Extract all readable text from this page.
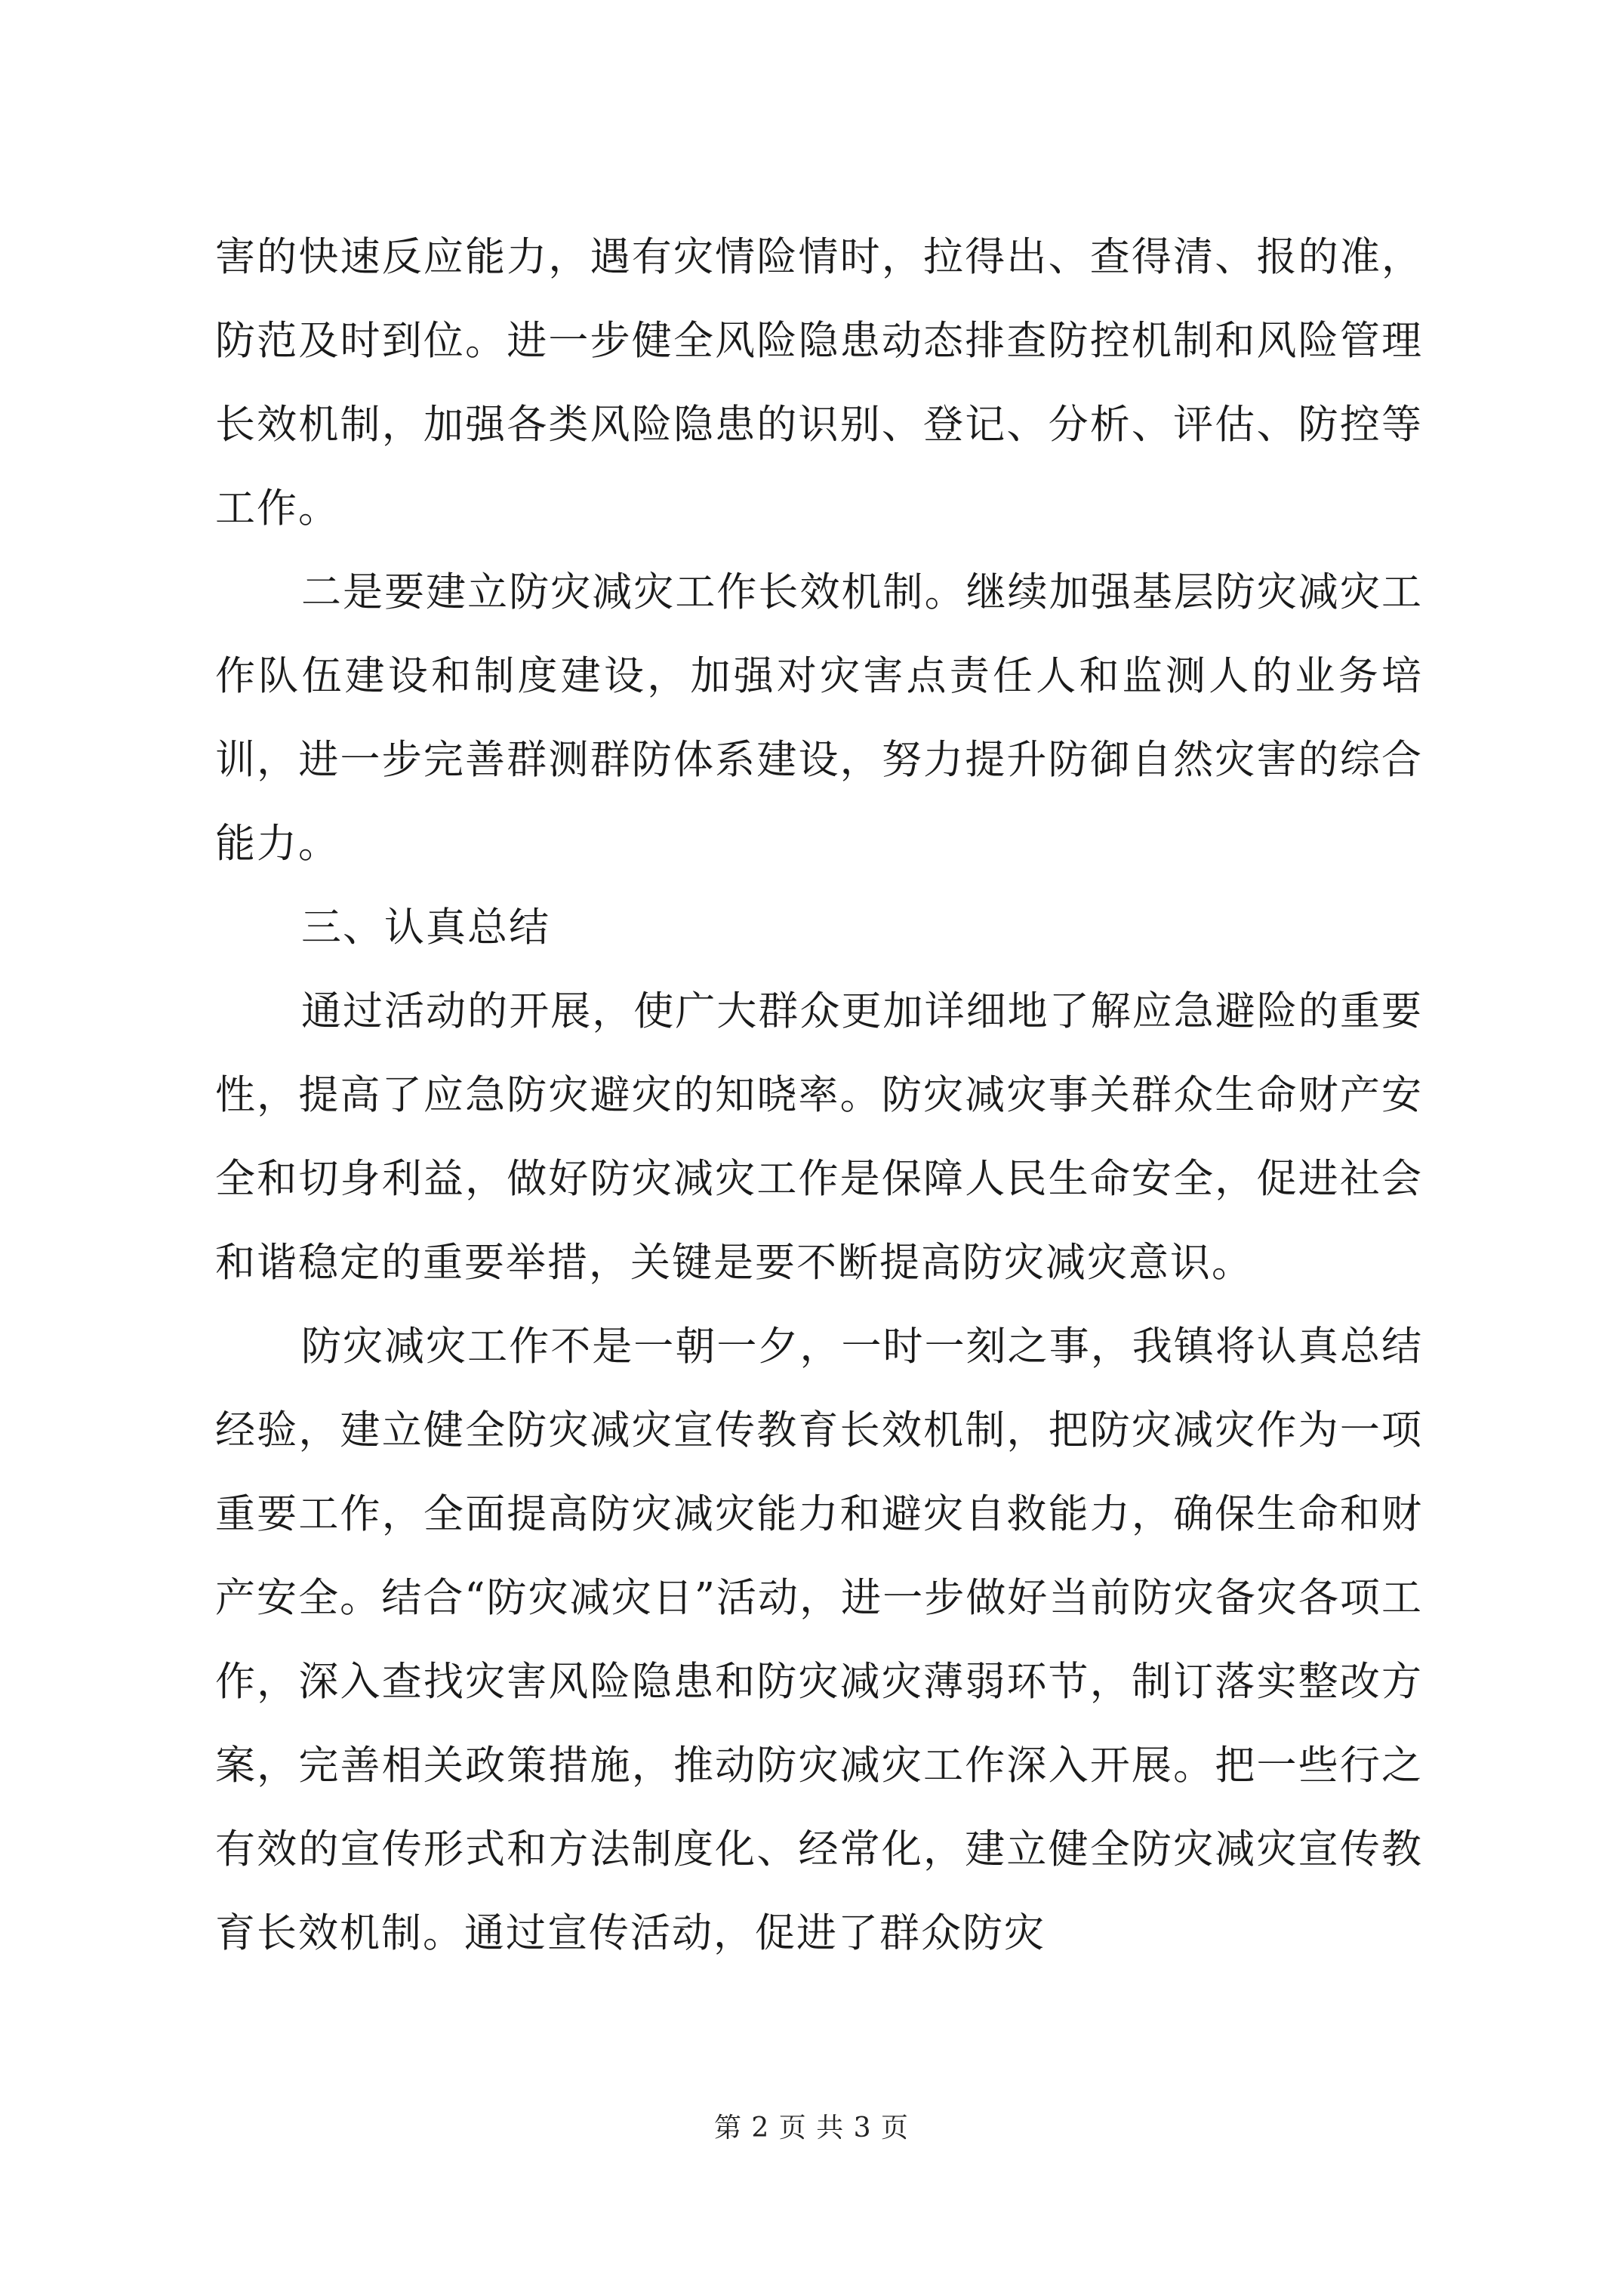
害的快速反应能力，遇有灾情险情时，拉得出、查得清、报的准，防范及时到位。进一步健全风险隐患动态排查防控机制和风险管理长效机制，加强各类风险隐患的识别、登记、分析、评估、防控等工作。

二是要建立防灾减灾工作长效机制。继续加强基层防灾减灾工作队伍建设和制度建设，加强对灾害点责任人和监测人的业务培训，进一步完善群测群防体系建设，努力提升防御自然灾害的综合能力。

三、认真总结

通过活动的开展，使广大群众更加详细地了解应急避险的重要性，提高了应急防灾避灾的知晓率。防灾减灾事关群众生命财产安全和切身利益，做好防灾减灾工作是保障人民生命安全，促进社会和谐稳定的重要举措，关键是要不断提高防灾减灾意识。

防灾减灾工作不是一朝一夕，一时一刻之事，我镇将认真总结经验，建立健全防灾减灾宣传教育长效机制，把防灾减灾作为一项重要工作，全面提高防灾减灾能力和避灾自救能力，确保生命和财产安全。结合“防灾减灾日”活动，进一步做好当前防灾备灾各项工作，深入查找灾害风险隐患和防灾减灾薄弱环节，制订落实整改方案，完善相关政策措施，推动防灾减灾工作深入开展。把一些行之有效的宣传形式和方法制度化、经常化，建立健全防灾减灾宣传教育长效机制。通过宣传活动，促进了群众防灾

第 2 页 共 3 页
